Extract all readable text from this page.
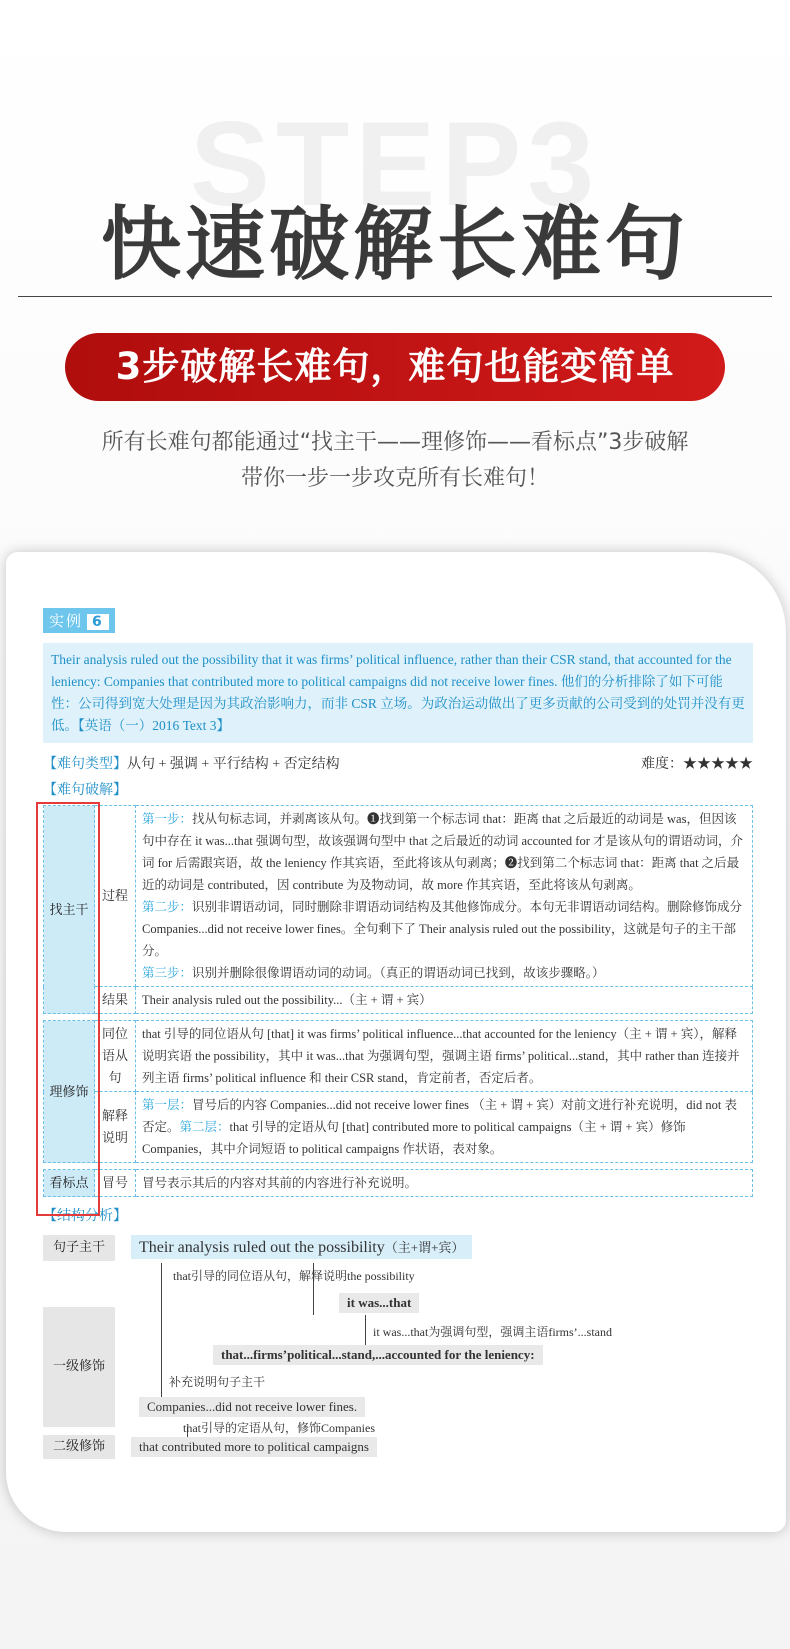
STEP3
快速破解长难句
3步破解长难句，难句也能变简单
所有长难句都能通过“找主干——理修饰——看标点”3步破解
带你一步一步攻克所有长难句！
实例 6
Their analysis ruled out the possibility that it was firms’ political influence, rather than their CSR stand, that accounted for the leniency: Companies that contributed more to political campaigns did not receive lower fines. 他们的分析排除了如下可能性：公司得到宽大处理是因为其政治影响力，而非 CSR 立场。为政治运动做出了更多贡献的公司受到的处罚并没有更低。【英语（一）2016 Text 3】
【难句类型】从句 + 强调 + 平行结构 + 否定结构	难度：★★★★★
【难句破解】
找主干	过程	第一步：找从句标志词，并剥离该从句。❶找到第一个标志词 that：距离 that 之后最近的动词是 was，但因该句中存在 it was...that 强调句型，故该强调句型中 that 之后最近的动词 accounted for 才是该从句的谓语动词，介词 for 后需跟宾语，故 the leniency 作其宾语，至此将该从句剥离；❷找到第二个标志词 that：距离 that 之后最近的动词是 contributed，因 contribute 为及物动词，故 more 作其宾语，至此将该从句剥离。
第二步：识别非谓语动词，同时删除非谓语动词结构及其他修饰成分。本句无非谓语动词结构。删除修饰成分 Companies...did not receive lower fines。全句剩下了 Their analysis ruled out the possibility，这就是句子的主干部分。
第三步：识别并删除很像谓语动词的动词。（真正的谓语动词已找到，故该步骤略。）
	结果	Their analysis ruled out the possibility...（主 + 谓 + 宾）

理修饰	同位语从句	that 引导的同位语从句 [that] it was firms’ political influence...that accounted for the leniency（主 + 谓 + 宾），解释说明宾语 the possibility，其中 it was...that 为强调句型，强调主语 firms’ political...stand，其中 rather than 连接并列主语 firms’ political influence 和 their CSR stand，肯定前者，否定后者。
	解释说明	第一层：冒号后的内容 Companies...did not receive lower fines （主 + 谓 + 宾）对前文进行补充说明，did not 表否定。第二层：that 引导的定语从句 [that] contributed more to political campaigns（主 + 谓 + 宾）修饰 Companies，其中介词短语 to political campaigns 作状语，表对象。

看标点	冒号	冒号表示其后的内容对其前的内容进行补充说明。
【结构分析】
句子主干
一级修饰
二级修饰
Their analysis ruled out the possibility（主+谓+宾）
that引导的同位语从句，解释说明the possibility
it was...that
it was...that为强调句型，强调主语firms’...stand
that...firms’political...stand,...accounted for the leniency:
补充说明句子主干
Companies...did not receive lower fines.
that引导的定语从句，修饰Companies
that contributed more to political campaigns
